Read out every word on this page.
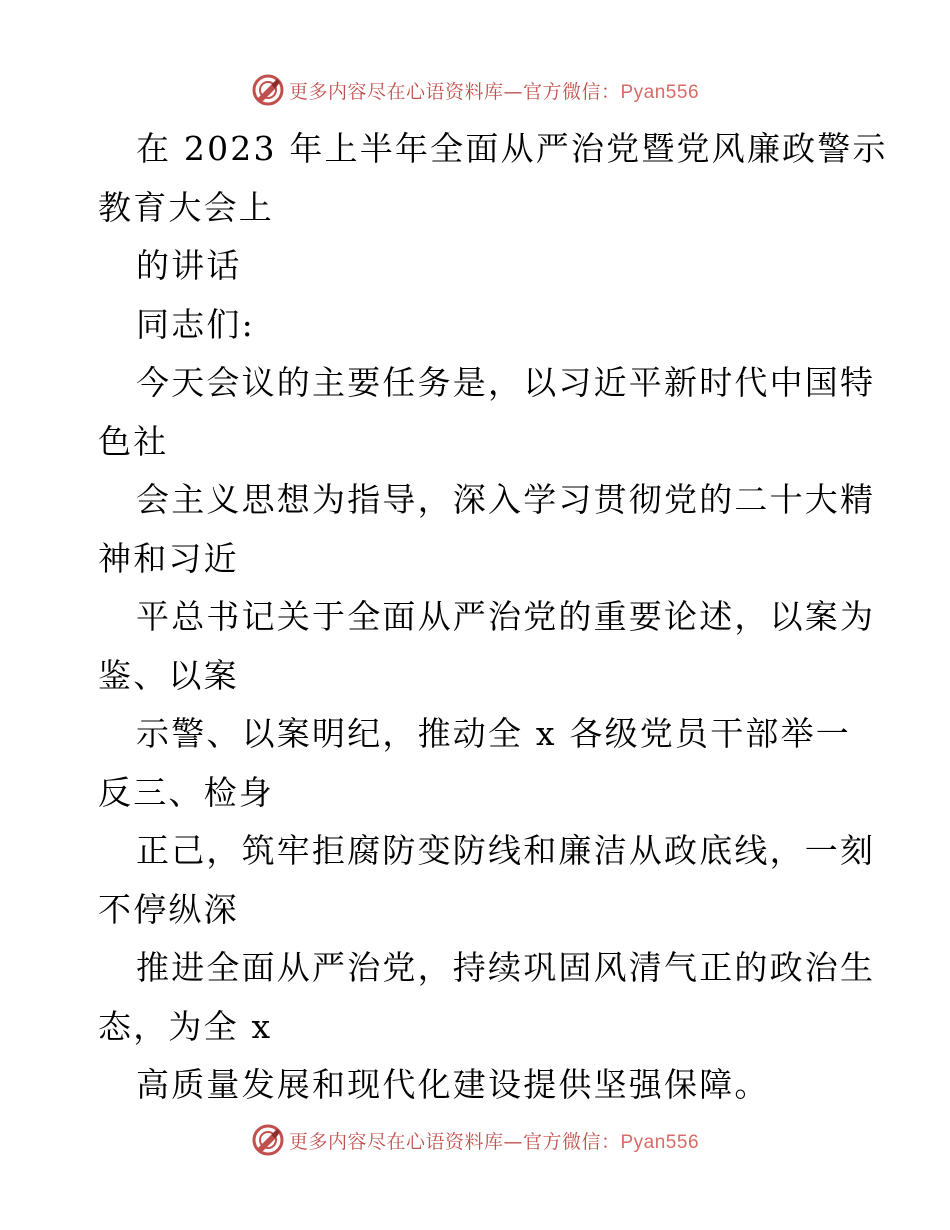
更多内容尽在心语资料库—官方微信：Pyan556
在 2023 年上半年全面从严治党暨党风廉政警示
教育大会上
的讲话
同志们:
今天会议的主要任务是，以习近平新时代中国特
色社
会主义思想为指导，深入学习贯彻党的二十大精
神和习近
平总书记关于全面从严治党的重要论述，以案为
鉴、以案
示警、以案明纪，推动全 x 各级党员干部举一
反三、检身
正己，筑牢拒腐防变防线和廉洁从政底线，一刻
不停纵深
推进全面从严治党，持续巩固风清气正的政治生
态，为全 x
高质量发展和现代化建设提供坚强保障。
更多内容尽在心语资料库—官方微信：Pyan556
